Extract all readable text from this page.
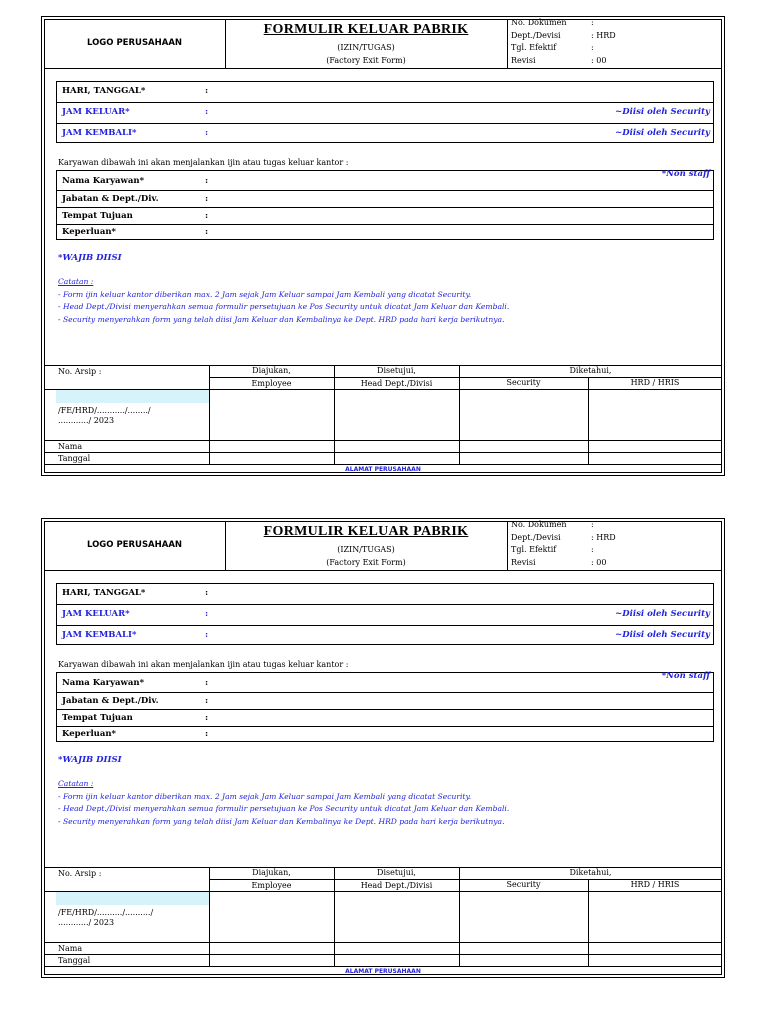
LOGO PERUSAHAAN
FORMULIR KELUAR PABRIK
(IZIN/TUGAS)
(Factory Exit Form)
No. Dokumen	:
Dept./Devisi	: HRD
Tgl. Efektif	:
Revisi	: 00
HARI, TANGGAL*	:
JAM KELUAR*	:	~Diisi oleh Security
JAM KEMBALI*	:	~Diisi oleh Security
Karyawan dibawah ini akan menjalankan ijin atau tugas keluar kantor :
Nama Karyawan*	:
*Non staff
Jabatan & Dept./Div.	:
Tempat Tujuan	:
Keperluan*	:
*WAJIB DIISI
Catatan :
- Form ijin keluar kantor diberikan max. 2 Jam sejak Jam Keluar sampai Jam Kembali yang dicatat Security.
- Head Dept./Divisi menyerahkan semua formulir persetujuan ke Pos Security untuk dicatat Jam Keluar dan Kembali.
- Security menyerahkan form yang telah diisi Jam Keluar dan Kembalinya ke Dept. HRD pada hari kerja berikutnya.
No. Arsip :	Diajukan,	Disetujui,	Diketahui,
Employee	Head Dept./Divisi	Security	HRD / HRIS
/FE/HRD/.........../......../
............/ 2023
Nama
Tanggal
ALAMAT PERUSAHAAN
LOGO PERUSAHAAN
FORMULIR KELUAR PABRIK
(IZIN/TUGAS)
(Factory Exit Form)
No. Dokumen	:
Dept./Devisi	: HRD
Tgl. Efektif	:
Revisi	: 00
HARI, TANGGAL*	:
JAM KELUAR*	:	~Diisi oleh Security
JAM KEMBALI*	:	~Diisi oleh Security
Karyawan dibawah ini akan menjalankan ijin atau tugas keluar kantor :
Nama Karyawan*	:
*Non staff
Jabatan & Dept./Div.	:
Tempat Tujuan	:
Keperluan*	:
*WAJIB DIISI
Catatan :
- Form ijin keluar kantor diberikan max. 2 Jam sejak Jam Keluar sampai Jam Kembali yang dicatat Security.
- Head Dept./Divisi menyerahkan semua formulir persetujuan ke Pos Security untuk dicatat Jam Keluar dan Kembali.
- Security menyerahkan form yang telah diisi Jam Keluar dan Kembalinya ke Dept. HRD pada hari kerja berikutnya.
No. Arsip :	Diajukan,	Disetujui,	Diketahui,
Employee	Head Dept./Divisi	Security	HRD / HRIS
/FE/HRD/........../........../
............/ 2023
Nama
Tanggal
ALAMAT PERUSAHAAN
